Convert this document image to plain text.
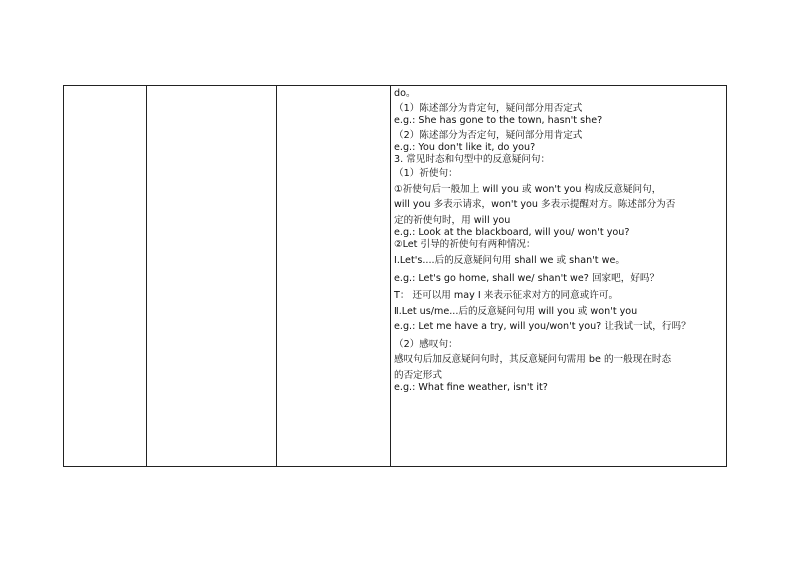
do。
（1）陈述部分为肯定句，疑问部分用否定式
e.g.: She has gone to the town, hasn't she?
（2）陈述部分为否定句，疑问部分用肯定式
e.g.: You don't like it, do you?
3. 常见时态和句型中的反意疑问句：
（1）祈使句：
①祈使句后一般加上 will you 或 won't you 构成反意疑问句，
will you 多表示请求，won't you 多表示提醒对方。陈述部分为否
定的祈使句时，用 will you
e.g.: Look at the blackboard, will you/ won't you?
②Let 引导的祈使句有两种情况：
Ⅰ.Let's....后的反意疑问句用 shall we 或 shan't we。
e.g.: Let's go home, shall we/ shan't we? 回家吧，好吗？
T： 还可以用 may I 来表示征求对方的同意或许可。
Ⅱ.Let us/me...后的反意疑问句用 will you 或 won't you
e.g.: Let me have a try, will you/won't you? 让我试一试，行吗？
（2）感叹句：
感叹句后加反意疑问句时，其反意疑问句需用 be 的一般现在时态
的否定形式
e.g.: What fine weather, isn't it?
